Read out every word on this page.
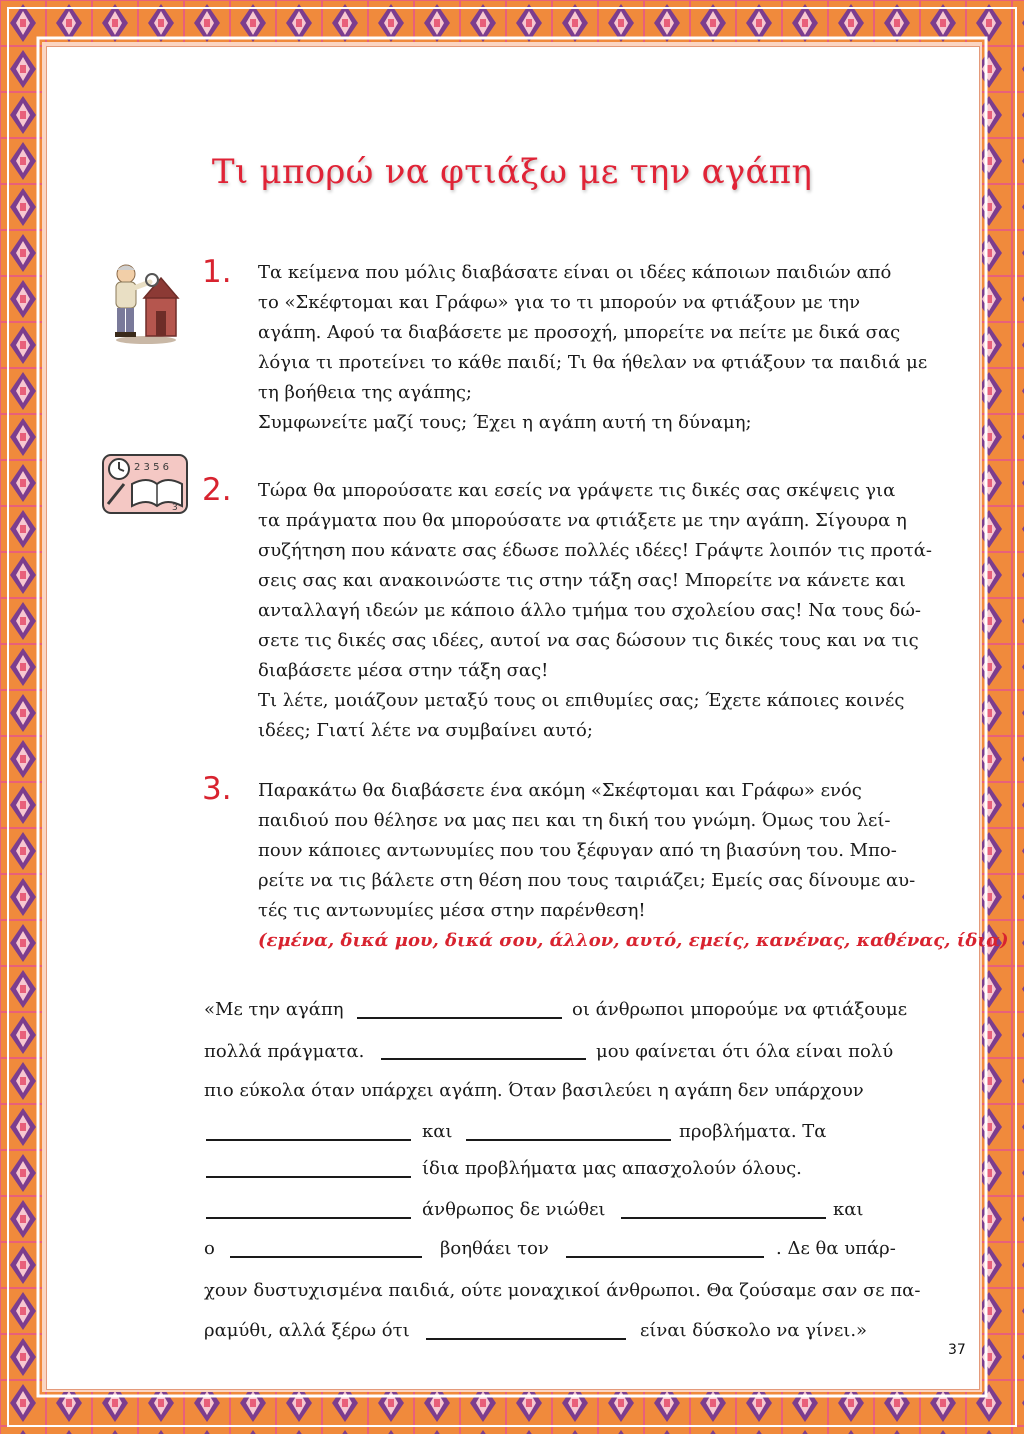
Τι μπορώ να φτιάξω με την αγάπη
1. Τα κείμενα που μόλις διαβάσατε είναι οι ιδέες κάποιων παιδιών από
το «Σκέφτομαι και Γράφω» για το τι μπορούν να φτιάξουν με την
αγάπη. Αφού τα διαβάσετε με προσοχή, μπορείτε να πείτε με δικά σας
λόγια τι προτείνει το κάθε παιδί; Τι θα ήθελαν να φτιάξουν τα παιδιά με
τη βοήθεια της αγάπης;
Συμφωνείτε μαζί τους; Έχει η αγάπη αυτή τη δύναμη;
2 3 5 6
3 2. Τώρα θα μπορούσατε και εσείς να γράψετε τις δικές σας σκέψεις για
τα πράγματα που θα μπορούσατε να φτιάξετε με την αγάπη. Σίγουρα η
συζήτηση που κάνατε σας έδωσε πολλές ιδέες! Γράψτε λοιπόν τις προτά-
σεις σας και ανακοινώστε τις στην τάξη σας! Μπορείτε να κάνετε και
ανταλλαγή ιδεών με κάποιο άλλο τμήμα του σχολείου σας! Να τους δώ-
σετε τις δικές σας ιδέες, αυτοί να σας δώσουν τις δικές τους και να τις
διαβάσετε μέσα στην τάξη σας!
Τι λέτε, μοιάζουν μεταξύ τους οι επιθυμίες σας; Έχετε κάποιες κοινές
ιδέες; Γιατί λέτε να συμβαίνει αυτό;
3. Παρακάτω θα διαβάσετε ένα ακόμη «Σκέφτομαι και Γράφω» ενός
παιδιού που θέλησε να μας πει και τη δική του γνώμη. Όμως του λεί-
πουν κάποιες αντωνυμίες που του ξέφυγαν από τη βιασύνη του. Μπο-
ρείτε να τις βάλετε στη θέση που τους ταιριάζει; Εμείς σας δίνουμε αυ-
τές τις αντωνυμίες μέσα στην παρένθεση!
(εμένα, δικά μου, δικά σου, άλλον, αυτό, εμείς, κανένας, καθένας, ίδια)
«Με την αγάπη	οι άνθρωποι μπορούμε να φτιάξουμε
πολλά πράγματα.	μου φαίνεται ότι όλα είναι πολύ
πιο εύκολα όταν υπάρχει αγάπη. Όταν βασιλεύει η αγάπη δεν υπάρχουν
και	προβλήματα. Τα
ίδια προβλήματα μας απασχολούν όλους.
άνθρωπος δε νιώθει	και
ο	βοηθάει τον	. Δε θα υπάρ-
χουν δυστυχισμένα παιδιά, ούτε μοναχικοί άνθρωποι. Θα ζούσαμε σαν σε πα-
ραμύθι, αλλά ξέρω ότι	είναι δύσκολο να γίνει.»
37
